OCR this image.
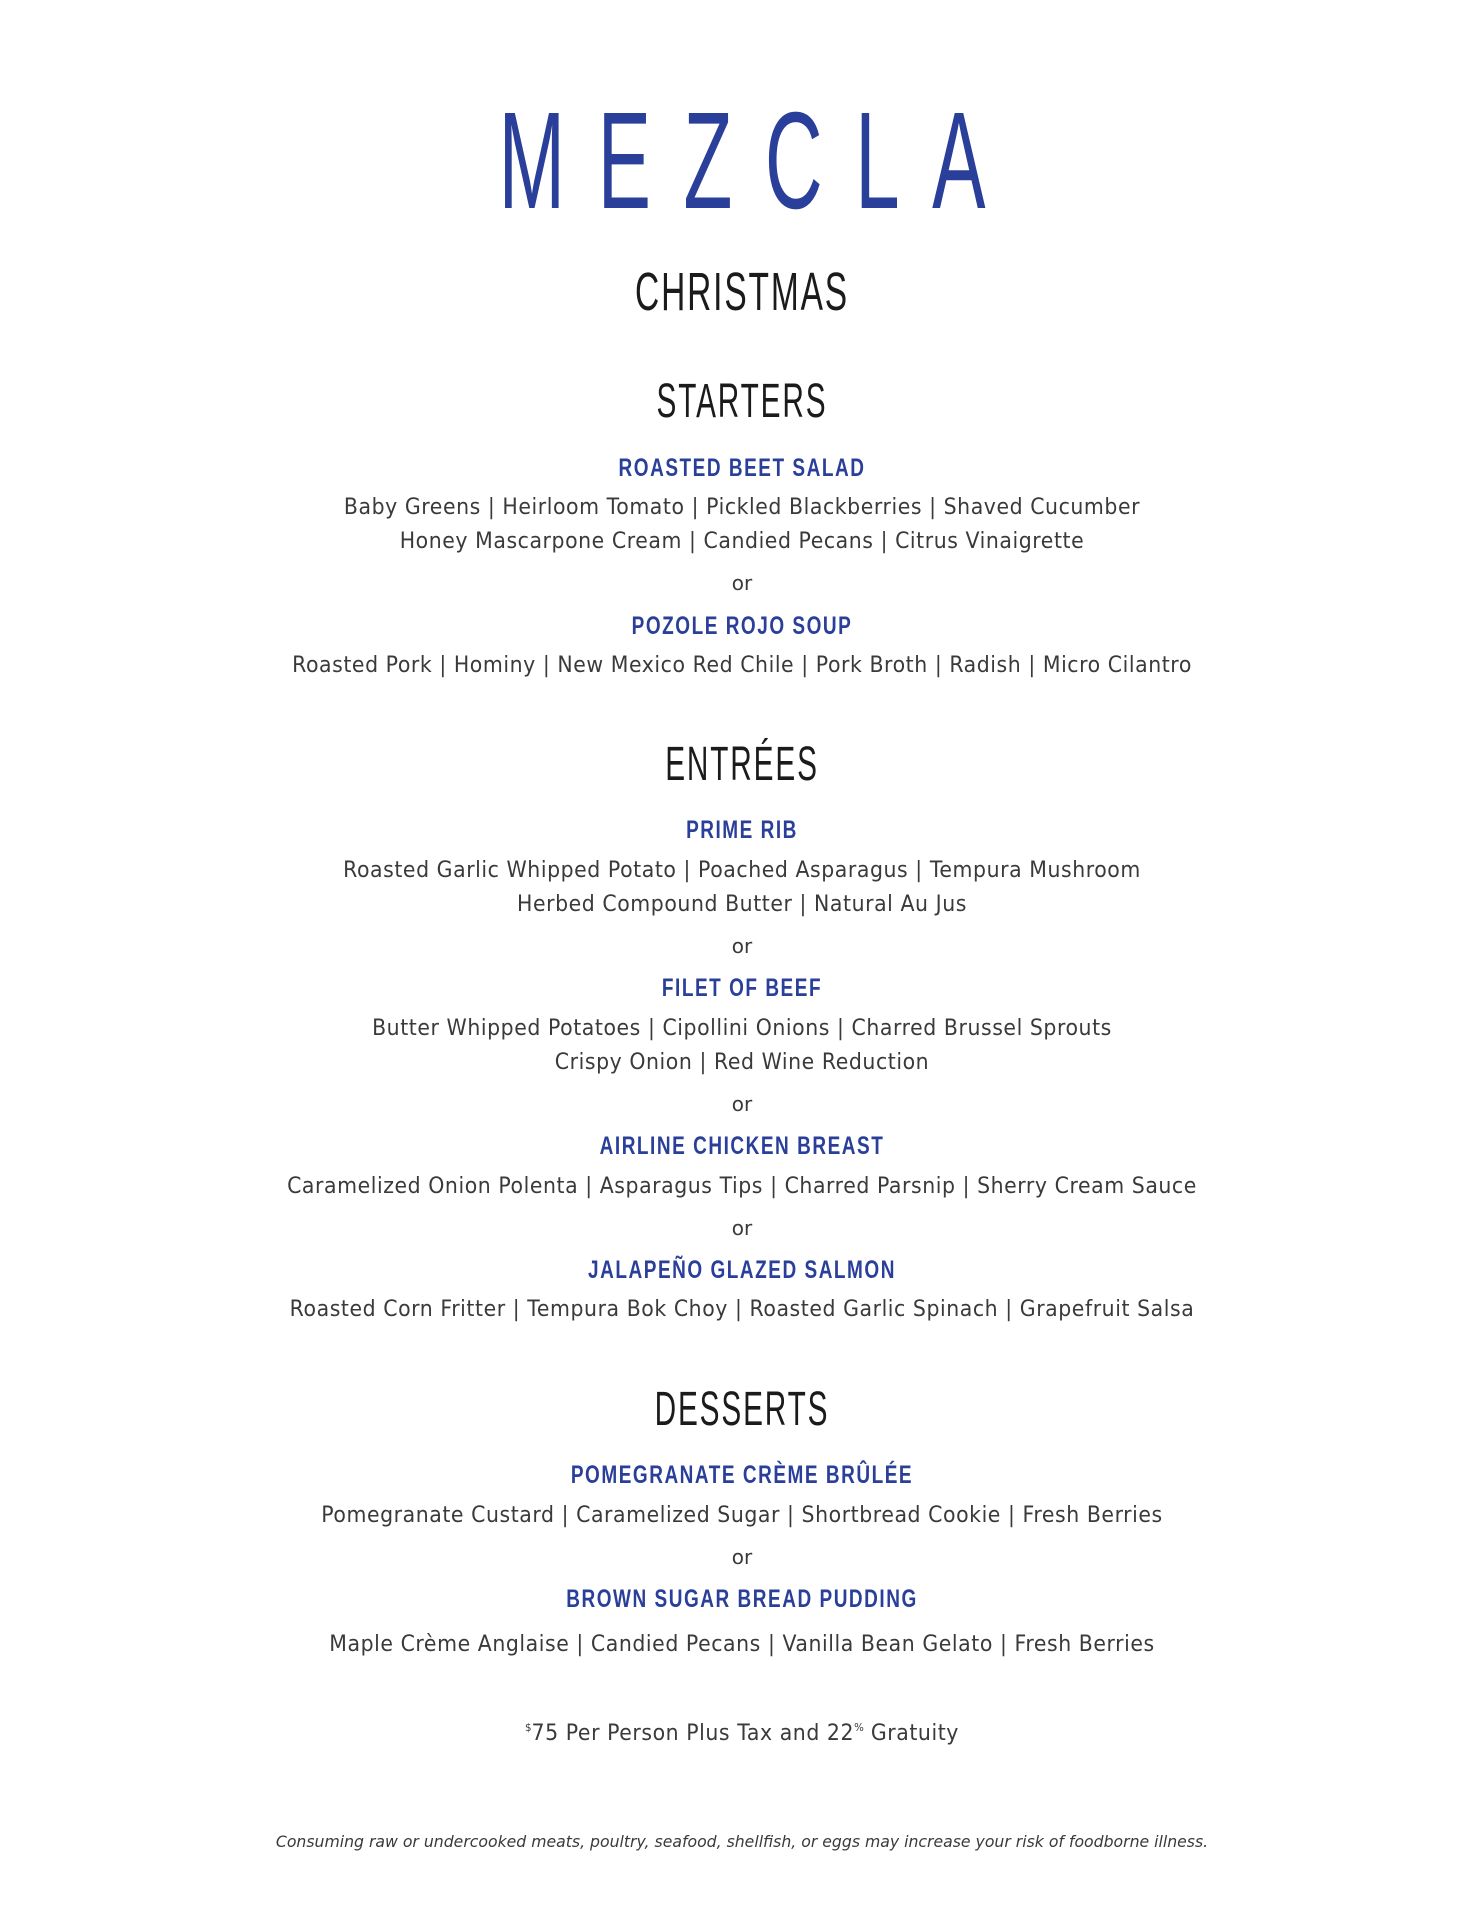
MEZCLA
CHRISTMAS
STARTERS
ROASTED BEET SALAD
Baby Greens | Heirloom Tomato | Pickled Blackberries | Shaved Cucumber
Honey Mascarpone Cream | Candied Pecans | Citrus Vinaigrette
or
POZOLE ROJO SOUP
Roasted Pork | Hominy | New Mexico Red Chile | Pork Broth | Radish | Micro Cilantro
ENTRÉES
PRIME RIB
Roasted Garlic Whipped Potato | Poached Asparagus | Tempura Mushroom
Herbed Compound Butter | Natural Au Jus
or
FILET OF BEEF
Butter Whipped Potatoes | Cipollini Onions | Charred Brussel Sprouts
Crispy Onion | Red Wine Reduction
or
AIRLINE CHICKEN BREAST
Caramelized Onion Polenta | Asparagus Tips | Charred Parsnip | Sherry Cream Sauce
or
JALAPEÑO GLAZED SALMON
Roasted Corn Fritter | Tempura Bok Choy | Roasted Garlic Spinach | Grapefruit Salsa
DESSERTS
POMEGRANATE CRÈME BRÛLÉE
Pomegranate Custard | Caramelized Sugar | Shortbread Cookie | Fresh Berries
or
BROWN SUGAR BREAD PUDDING
Maple Crème Anglaise | Candied Pecans | Vanilla Bean Gelato | Fresh Berries
$75 Per Person Plus Tax and 22% Gratuity
Consuming raw or undercooked meats, poultry, seafood, shellfish, or eggs may increase your risk of foodborne illness.
